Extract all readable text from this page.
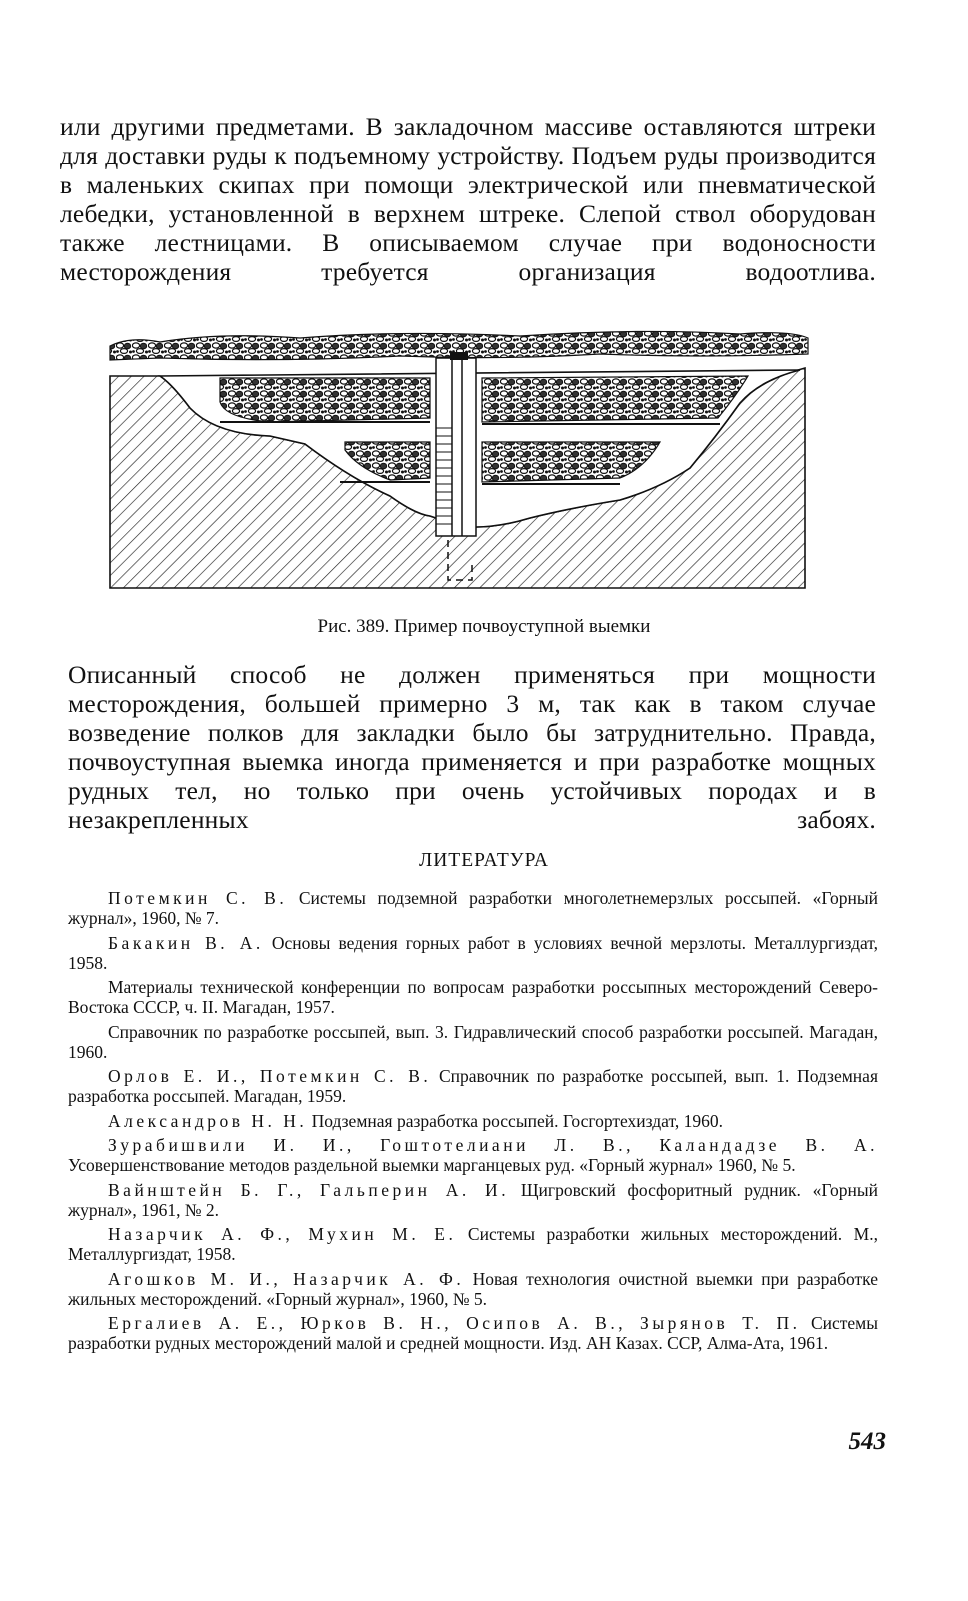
или другими предметами. В закладочном массиве оставляются штреки для доставки руды к подъемному устройству. Подъем руды производится в маленьких скипах при помощи электрической или пневматической лебедки, установленной в верхнем штреке. Слепой ствол оборудован также лестницами. В описываемом случае при водоносности месторождения требуется организация водоотлива.

Рис. 389. Пример почвоуступной выемки

Описанный способ не должен применяться при мощности месторождения, большей примерно 3 м, так как в таком случае возведение полков для закладки было бы затруднительно. Правда, почвоуступная выемка иногда применяется и при разработке мощных рудных тел, но только при очень устойчивых породах и в незакрепленных забоях.

ЛИТЕРАТУРА

Потемкин С. В. Системы подземной разработки многолетнемерзлых россыпей. «Горный журнал», 1960, № 7.

Бакакин В. А. Основы ведения горных работ в условиях вечной мерзлоты. Металлургиздат, 1958.

Материалы технической конференции по вопросам разработки россыпных месторождений Северо-Востока СССР, ч. II. Магадан, 1957.

Справочник по разработке россыпей, вып. 3. Гидравлический способ разработки россыпей. Магадан, 1960.

Орлов Е. И., Потемкин С. В. Справочник по разработке россыпей, вып. 1. Подземная разработка россыпей. Магадан, 1959.

Александров Н. Н. Подземная разработка россыпей. Госгортехиздат, 1960.

Зурабишвили И. И., Гоштотелиани Л. В., Каландадзе В. А. Усовершенствование методов раздельной выемки марганцевых руд. «Горный журнал» 1960, № 5.

Вайнштейн Б. Г., Гальперин А. И. Щигровский фосфоритный рудник. «Горный журнал», 1961, № 2.

Назарчик А. Ф., Мухин М. Е. Системы разработки жильных месторождений. М., Металлургиздат, 1958.

Агошков М. И., Назарчик А. Ф. Новая технология очистной выемки при разработке жильных месторождений. «Горный журнал», 1960, № 5.

Ергалиев А. Е., Юрков В. Н., Осипов А. В., Зырянов Т. П. Системы разработки рудных месторождений малой и средней мощности. Изд. АН Казах. ССР, Алма-Ата, 1961.

543
